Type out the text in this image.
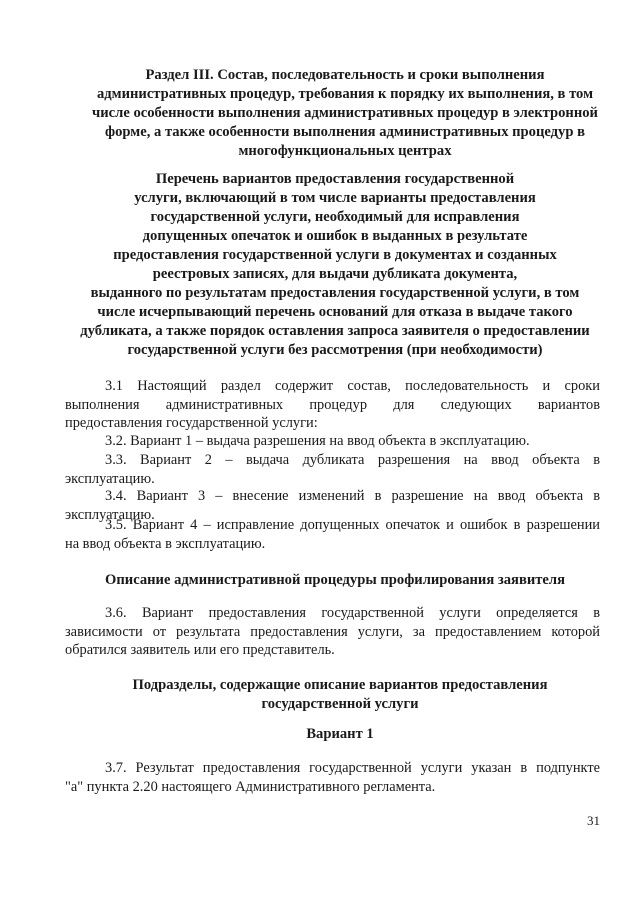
Раздел III. Состав, последовательность и сроки выполнения
административных процедур, требования к порядку их выполнения, в том
числе особенности выполнения административных процедур в электронной
форме, а также особенности выполнения административных процедур в
многофункциональных центрах
Перечень вариантов предоставления государственной
услуги, включающий в том числе варианты предоставления
государственной услуги, необходимый для исправления
допущенных опечаток и ошибок в выданных в результате
предоставления государственной услуги в документах и созданных
реестровых записях, для выдачи дубликата документа,
выданного по результатам предоставления государственной услуги, в том
числе исчерпывающий перечень оснований для отказа в выдаче такого
дубликата, а также порядок оставления запроса заявителя о предоставлении
государственной услуги без рассмотрения (при необходимости)
3.1 Настоящий раздел содержит состав, последовательность и сроки
выполнения административных процедур для следующих вариантов
предоставления государственной услуги:
3.2. Вариант 1 – выдача разрешения на ввод объекта в эксплуатацию.
3.3. Вариант 2 – выдача дубликата разрешения на ввод объекта в
эксплуатацию.
3.4. Вариант 3 – внесение изменений в разрешение на ввод объекта в
эксплуатацию.
3.5. Вариант 4 – исправление допущенных опечаток и ошибок в разрешении
на ввод объекта в эксплуатацию.
Описание административной процедуры профилирования заявителя
3.6. Вариант предоставления государственной услуги определяется в
зависимости от результата предоставления услуги, за предоставлением которой
обратился заявитель или его представитель.
Подразделы, содержащие описание вариантов предоставления
государственной услуги
Вариант 1
3.7. Результат предоставления государственной услуги указан в подпункте
"а" пункта 2.20 настоящего Административного регламента.
31
